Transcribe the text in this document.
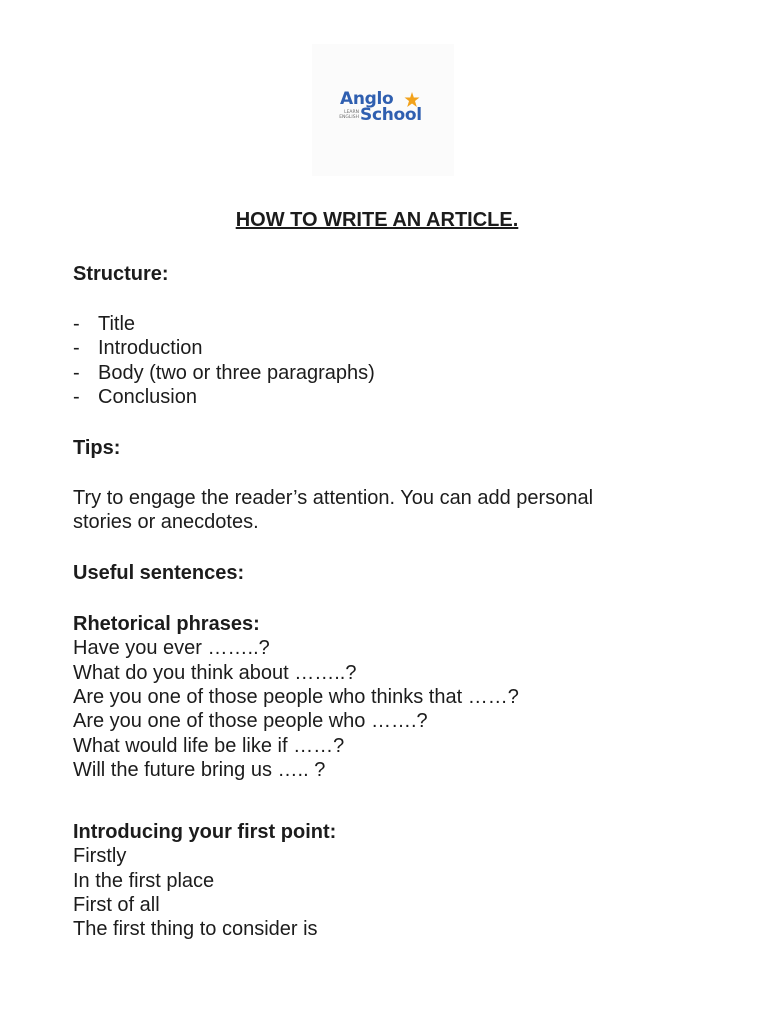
Anglo
LEARN ENGLISH School
HOW TO WRITE AN ARTICLE.
Structure:
- Title
- Introduction
- Body (two or three paragraphs)
- Conclusion
Tips:
Try to engage the reader’s attention. You can add personal
stories or anecdotes.
Useful sentences:
Rhetorical phrases:
Have you ever ……..?
What do you think about ……..?
Are you one of those people who thinks that ……?
Are you one of those people who …….?
What would life be like if ……?
Will the future bring us ….. ?
Introducing your first point:
Firstly
In the first place
First of all
The first thing to consider is
